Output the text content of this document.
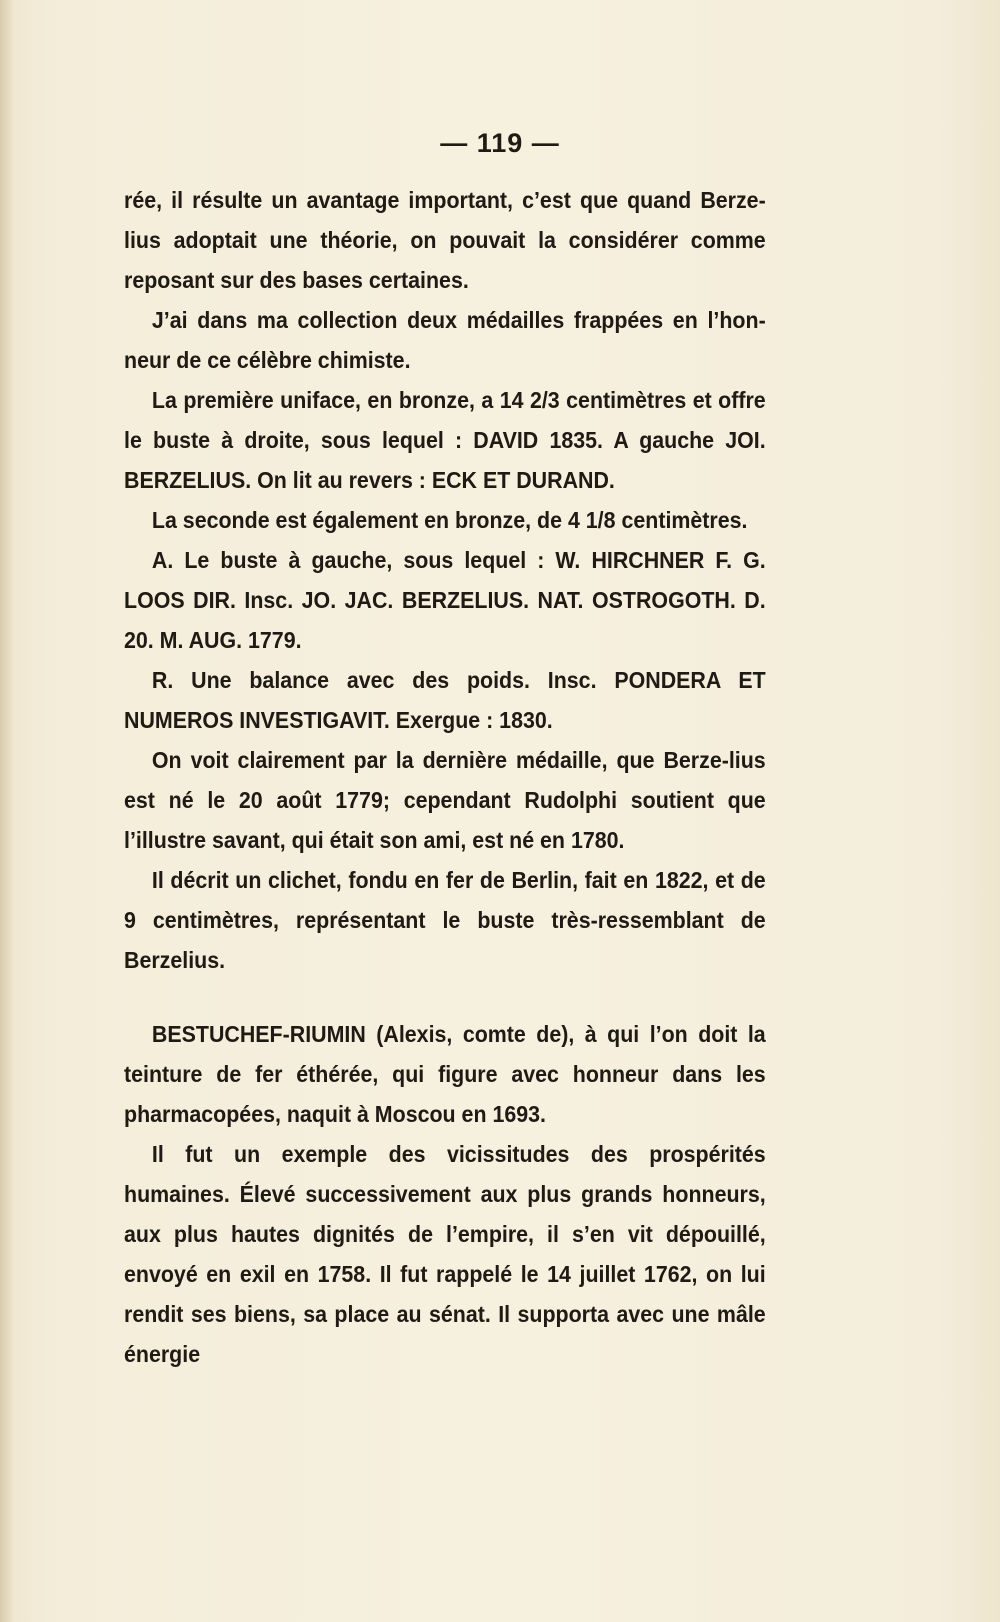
— 119 —

rée, il résulte un avantage important, c’est que quand Berze-lius adoptait une théorie, on pouvait la considérer comme reposant sur des bases certaines.

J’ai dans ma collection deux médailles frappées en l’hon-neur de ce célèbre chimiste.

La première uniface, en bronze, a 14 2/3 centimètres et offre le buste à droite, sous lequel : DAVID 1835. A gauche JOI. BERZELIUS. On lit au revers : ECK ET DURAND.

La seconde est également en bronze, de 4 1/8 centimètres.

A. Le buste à gauche, sous lequel : W. HIRCHNER F. G. LOOS DIR. Insc. JO. JAC. BERZELIUS. NAT. OSTROGOTH. D. 20. M. AUG. 1779.

R. Une balance avec des poids. Insc. PONDERA ET NUMEROS INVESTIGAVIT. Exergue : 1830.

On voit clairement par la dernière médaille, que Berze-lius est né le 20 août 1779; cependant Rudolphi soutient que l’illustre savant, qui était son ami, est né en 1780.

Il décrit un clichet, fondu en fer de Berlin, fait en 1822, et de 9 centimètres, représentant le buste très-ressemblant de Berzelius.

BESTUCHEF-RIUMIN (Alexis, comte de), à qui l’on doit la teinture de fer éthérée, qui figure avec honneur dans les pharmacopées, naquit à Moscou en 1693.

Il fut un exemple des vicissitudes des prospérités humaines. Élevé successivement aux plus grands honneurs, aux plus hautes dignités de l’empire, il s’en vit dépouillé, envoyé en exil en 1758. Il fut rappelé le 14 juillet 1762, on lui rendit ses biens, sa place au sénat. Il supporta avec une mâle énergie
